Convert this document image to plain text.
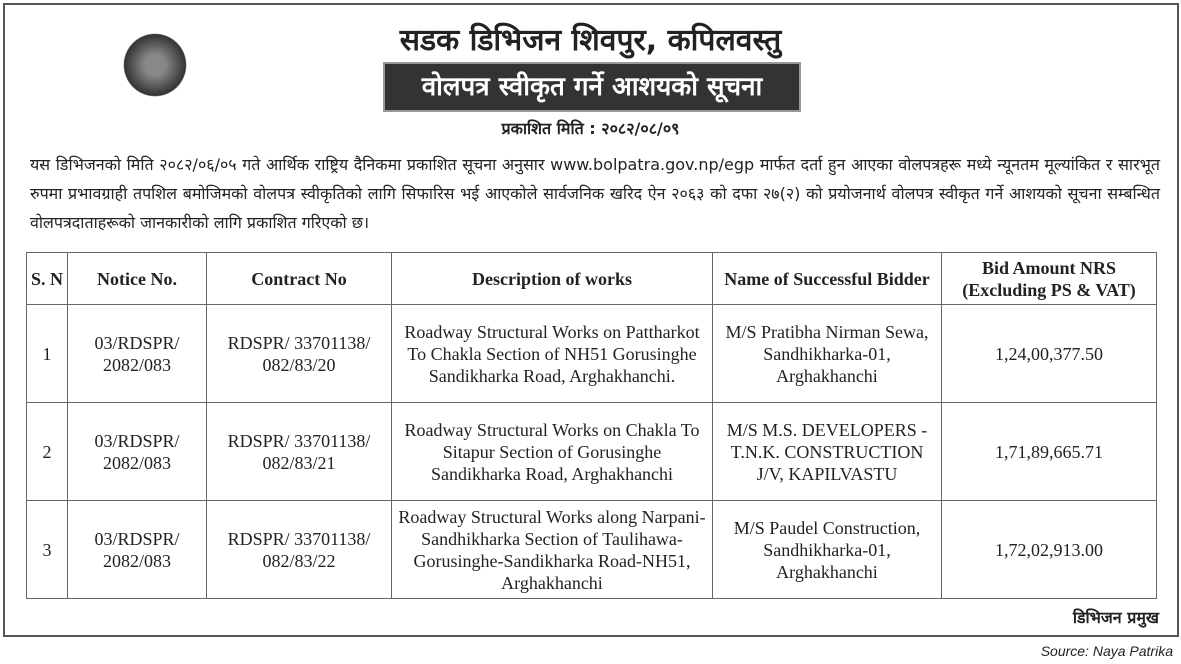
सडक डिभिजन शिवपुर, कपिलवस्तु
वोलपत्र स्वीकृत गर्ने आशयको सूचना
प्रकाशित मिति : २०८२/०८/०९
यस डिभिजनको मिति २०८२/०६/०५ गते आर्थिक राष्ट्रिय दैनिकमा प्रकाशित सूचना अनुसार www.bolpatra.gov.np/egp मार्फत दर्ता हुन आएका वोलपत्रहरू मध्ये न्यूनतम मूल्यांकित र सारभूत रुपमा प्रभावग्राही तपशिल बमोजिमको वोलपत्र स्वीकृतिको लागि सिफारिस भई आएकोले सार्वजनिक खरिद ऐन २०६३ को दफा २७(२) को प्रयोजनार्थ वोलपत्र स्वीकृत गर्ने आशयको सूचना सम्बन्धित वोलपत्रदाताहरूको जानकारीको लागि प्रकाशित गरिएको छ।
S. N	Notice No.	Contract No	Description of works	Name of Successful Bidder	Bid Amount NRS (Excluding PS & VAT)
1	03/RDSPR/ 2082/083	RDSPR/ 33701138/ 082/83/20	Roadway Structural Works on Pattharkot To Chakla Section of NH51 Gorusinghe Sandikharka Road, Arghakhanchi.	M/S Pratibha Nirman Sewa, Sandhikharka-01, Arghakhanchi	1,24,00,377.50
2	03/RDSPR/ 2082/083	RDSPR/ 33701138/ 082/83/21	Roadway Structural Works on Chakla To Sitapur Section of Gorusinghe Sandikharka Road, Arghakhanchi	M/S M.S. DEVELOPERS - T.N.K. CONSTRUCTION J/V, KAPILVASTU	1,71,89,665.71
3	03/RDSPR/ 2082/083	RDSPR/ 33701138/ 082/83/22	Roadway Structural Works along Narpani-Sandhikharka Section of Taulihawa-Gorusinghe-Sandikharka Road-NH51, Arghakhanchi	M/S Paudel Construction, Sandhikharka-01, Arghakhanchi	1,72,02,913.00
डिभिजन प्रमुख
Source: Naya Patrika
